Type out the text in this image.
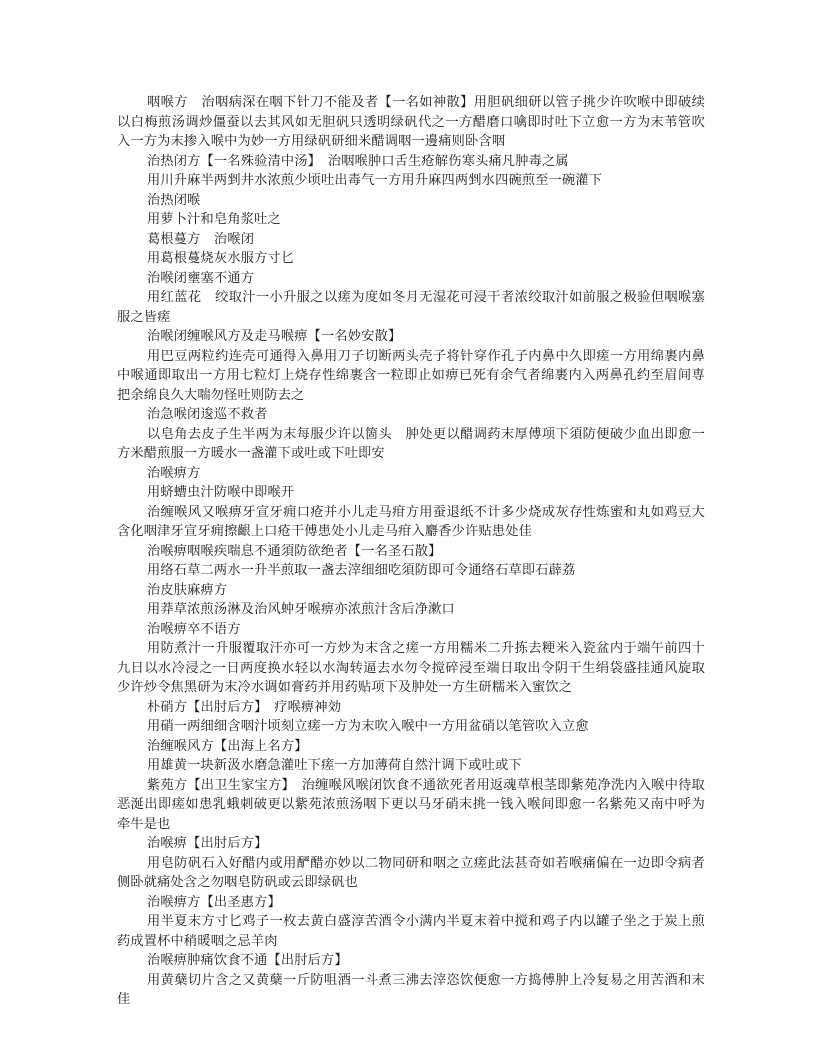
咽喉方　治咽病深在咽下针刀不能及者【一名如神散】用胆矾细研以管子挑少许吹喉中即破续以白梅煎汤调炒僵蚕以去其风如无胆矾只透明绿矾代之一方醋磨口噙即时吐下立愈一方为末苇管吹入一方为末掺入喉中为妙一方用绿矾研细米醋调咽一邊痛则卧含咽

治热闭方【一名殊验清中汤】　治咽喉肿口舌生疮解伤寒头痛凡肿毒之属

用川升麻半两剉井水浓煎少顷吐出毒气一方用升麻四两剉水四碗煎至一碗灌下

治热闭喉

用萝卜汁和皂角浆吐之

葛根蔓方　治喉闭

用葛根蔓烧灰水服方寸匕

治喉闭壅塞不通方

用红蓝花　绞取汁一小升服之以瘥为度如冬月无湿花可浸干者浓绞取汁如前服之极验但咽喉塞服之皆瘥

治喉闭缠喉风方及走马喉痹【一名妙安散】

用巴豆两粒约连壳可通得入鼻用刀子切断两头壳子将针穿作孔子内鼻中久即瘥一方用绵裹内鼻中喉通即取出一方用七粒灯上烧存性绵裹含一粒即止如痹已死有余气者绵裹内入两鼻孔约至眉间専把余绵良久大喘勿怪吐则防去之

治急喉闭逡巡不救者

以皂角去皮子生半两为末每服少许以箇头　肿处更以醋调药末厚傅项下須防便破少血出即愈一方米醋煎服一方暖水一盏灌下或吐或下吐即安

治喉痹方

用蛴螬虫汁防喉中即喉开

治缠喉风又喉痹牙宣牙痈口疮并小儿走马疳方用蚕退纸不计多少烧成灰存性炼蜜和丸如鸡豆大含化咽津牙宣牙痈擦齦上口疮干傅患处小儿走马疳入麝香少许贴患处佳

治喉痹咽喉疾喘息不通須防欲绝者【一名圣石散】

用络石草二两水一升半煎取一盏去滓细细吃須防即可令通络石草即石薜荔

治皮肤麻痹方

用莽草浓煎汤淋及治风蚛牙喉痹亦浓煎汁含后净漱口

治喉痹卒不语方

用防煮汁一升服覆取汗亦可一方炒为末含之瘥一方用糯米二升拣去粳米入瓷盆内于端午前四十九日以水冷浸之一日两度换水轻以水淘转逼去水勿令搅碎浸至端日取出令阴干生绢袋盛挂通风旋取少许炒令焦黑研为末冷水调如膏药并用药贴项下及肿处一方生研糯米入蜜饮之

朴硝方【出肘后方】　疗喉痹神効

用硝一两细细含咽汁顷刻立瘥一方为末吹入喉中一方用盆硝以笔管吹入立愈

治缠喉风方【出海上名方】

用雄黄一块新汲水磨急灌吐下瘥一方加薄荷自然汁调下或吐或下

紫苑方【出卫生家宝方】　治缠喉风喉闭饮食不通欲死者用返魂草根茎即紫苑净洗内入喉中待取恶涎出即瘥如患乳蛾刺破更以紫苑浓煎汤咽下更以马牙硝末挑一钱入喉间即愈一名紫苑又南中呼为牵牛是也

治喉痹【出肘后方】

用皂防矾石入好醋内或用酽醋亦妙以二物同研和咽之立瘥此法甚奇如若喉痛偏在一边即令病者侧卧就痛处含之勿咽皂防矾或云即绿矾也

治喉痹方【出圣惠方】

用半夏末方寸匕鸡子一枚去黄白盛淳苦酒令小满内半夏末着中搅和鸡子内以罐子坐之于炭上煎药成置杯中稍暖咽之忌羊肉

治喉痹肿痛饮食不通【出肘后方】

用黄蘖切片含之又黄蘖一斤防咀酒一斗煮三沸去滓恣饮便愈一方捣傅肿上冷复易之用苦酒和末佳
